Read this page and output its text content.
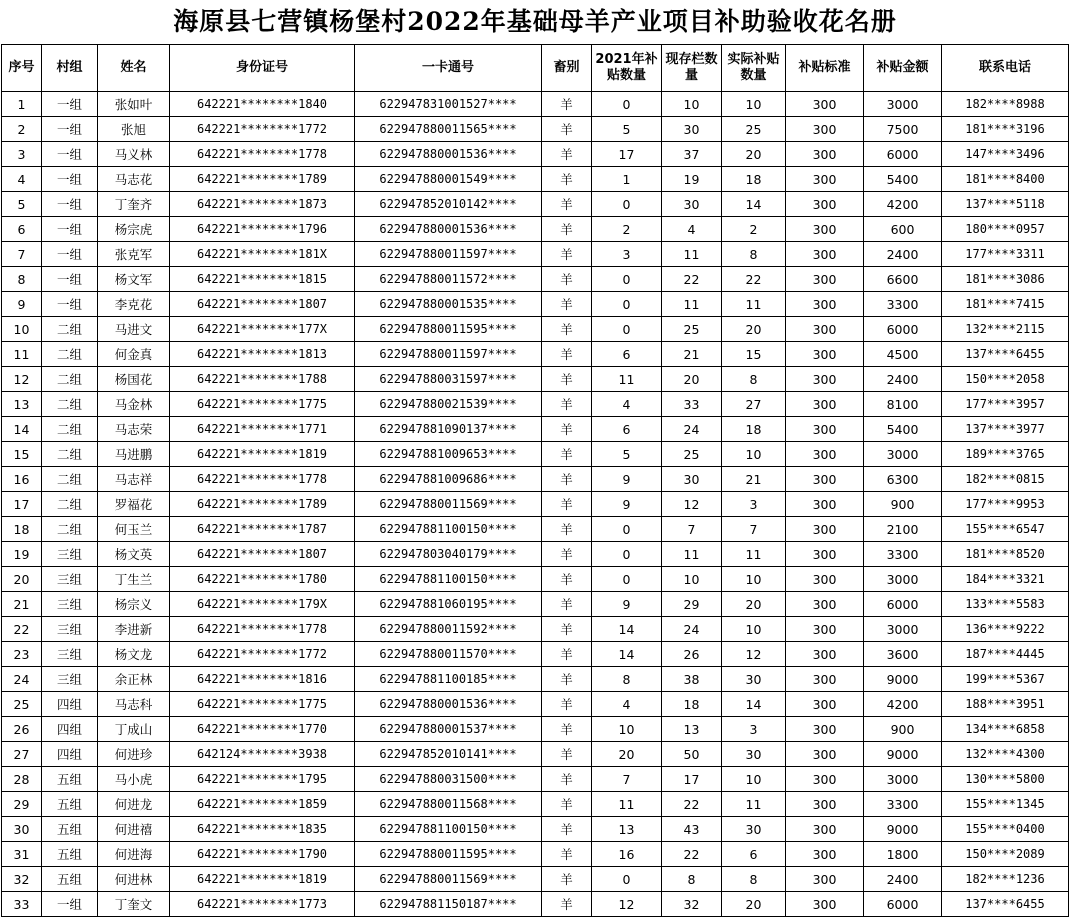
海原县七营镇杨堡村2022年基础母羊产业项目补助验收花名册
序号	村组	姓名	身份证号	一卡通号	畜别	2021年补贴数量	现存栏数量	实际补贴数量	补贴标准	补贴金额	联系电话
1	一组	张如叶	642221********1840	622947831001527****	羊	0	10	10	300	3000	182****8988
2	一组	张旭	642221********1772	622947880011565****	羊	5	30	25	300	7500	181****3196
3	一组	马义林	642221********1778	622947880001536****	羊	17	37	20	300	6000	147****3496
4	一组	马志花	642221********1789	622947880001549****	羊	1	19	18	300	5400	181****8400
5	一组	丁奎齐	642221********1873	622947852010142****	羊	0	30	14	300	4200	137****5118
6	一组	杨宗虎	642221********1796	622947880001536****	羊	2	4	2	300	600	180****0957
7	一组	张克军	642221********181X	622947880011597****	羊	3	11	8	300	2400	177****3311
8	一组	杨文军	642221********1815	622947880011572****	羊	0	22	22	300	6600	181****3086
9	一组	李克花	642221********1807	622947880001535****	羊	0	11	11	300	3300	181****7415
10	二组	马进文	642221********177X	622947880011595****	羊	0	25	20	300	6000	132****2115
11	二组	何金真	642221********1813	622947880011597****	羊	6	21	15	300	4500	137****6455
12	二组	杨国花	642221********1788	622947880031597****	羊	11	20	8	300	2400	150****2058
13	二组	马金林	642221********1775	622947880021539****	羊	4	33	27	300	8100	177****3957
14	二组	马志荣	642221********1771	622947881090137****	羊	6	24	18	300	5400	137****3977
15	二组	马进鹏	642221********1819	622947881009653****	羊	5	25	10	300	3000	189****3765
16	二组	马志祥	642221********1778	622947881009686****	羊	9	30	21	300	6300	182****0815
17	二组	罗福花	642221********1789	622947880011569****	羊	9	12	3	300	900	177****9953
18	二组	何玉兰	642221********1787	622947881100150****	羊	0	7	7	300	2100	155****6547
19	三组	杨文英	642221********1807	622947803040179****	羊	0	11	11	300	3300	181****8520
20	三组	丁生兰	642221********1780	622947881100150****	羊	0	10	10	300	3000	184****3321
21	三组	杨宗义	642221********179X	622947881060195****	羊	9	29	20	300	6000	133****5583
22	三组	李进新	642221********1778	622947880011592****	羊	14	24	10	300	3000	136****9222
23	三组	杨文龙	642221********1772	622947880011570****	羊	14	26	12	300	3600	187****4445
24	三组	余正林	642221********1816	622947881100185****	羊	8	38	30	300	9000	199****5367
25	四组	马志科	642221********1775	622947880001536****	羊	4	18	14	300	4200	188****3951
26	四组	丁成山	642221********1770	622947880001537****	羊	10	13	3	300	900	134****6858
27	四组	何进珍	642124********3938	622947852010141****	羊	20	50	30	300	9000	132****4300
28	五组	马小虎	642221********1795	622947880031500****	羊	7	17	10	300	3000	130****5800
29	五组	何进龙	642221********1859	622947880011568****	羊	11	22	11	300	3300	155****1345
30	五组	何进禧	642221********1835	622947881100150****	羊	13	43	30	300	9000	155****0400
31	五组	何进海	642221********1790	622947880011595****	羊	16	22	6	300	1800	150****2089
32	五组	何进林	642221********1819	622947880011569****	羊	0	8	8	300	2400	182****1236
33	一组	丁奎文	642221********1773	622947881150187****	羊	12	32	20	300	6000	137****6455
